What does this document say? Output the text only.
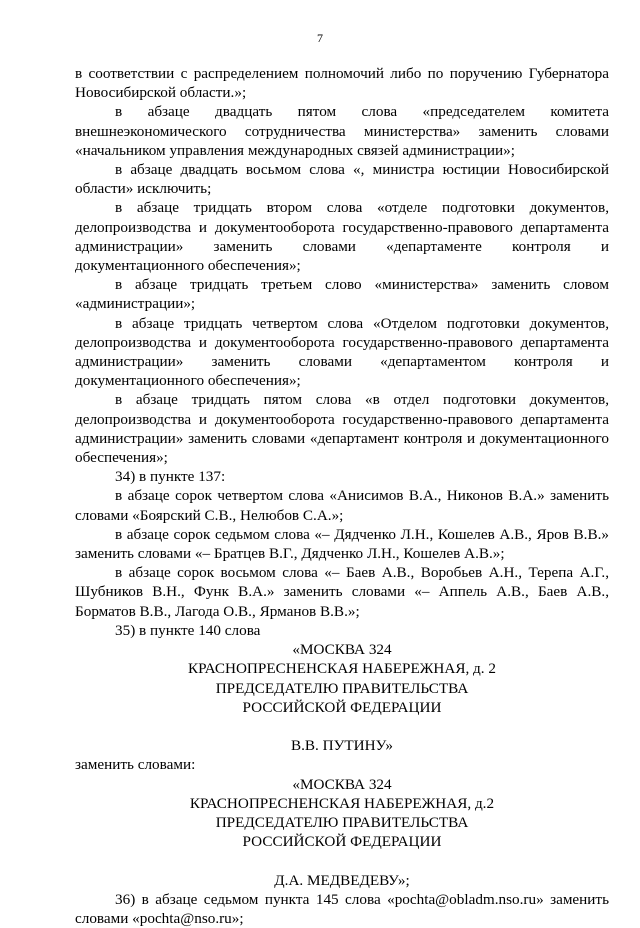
7

в соответствии с распределением полномочий либо по поручению Губернатора Новосибирской области.»;

в абзаце двадцать пятом слова «председателем комитета внешнеэкономического сотрудничества министерства» заменить словами «начальником управления международных связей администрации»;

в абзаце двадцать восьмом слова «, министра юстиции Новосибирской области» исключить;

в абзаце тридцать втором слова «отделе подготовки документов, делопроизводства и документооборота государственно-правового департамента администрации» заменить словами «департаменте контроля и документационного обеспечения»;

в абзаце тридцать третьем слово «министерства» заменить словом «администрации»;

в абзаце тридцать четвертом слова «Отделом подготовки документов, делопроизводства и документооборота государственно-правового департамента администрации» заменить словами «департаментом контроля и документационного обеспечения»;

в абзаце тридцать пятом слова «в отдел подготовки документов, делопроизводства и документооборота государственно-правового департамента администрации» заменить словами «департамент контроля и документационного обеспечения»;

34) в пункте 137:

в абзаце сорок четвертом слова «Анисимов В.А., Никонов В.А.» заменить словами «Боярский С.В., Нелюбов С.А.»;

в абзаце сорок седьмом слова «– Дядченко Л.Н., Кошелев А.В., Яров В.В.» заменить словами «– Братцев В.Г., Дядченко Л.Н., Кошелев А.В.»;

в абзаце сорок восьмом слова «– Баев А.В., Воробьев А.Н., Терепа А.Г., Шубников В.Н., Функ В.А.» заменить словами «– Аппель А.В., Баев А.В., Борматов В.В., Лагода О.В., Ярманов В.В.»;

35) в пункте 140 слова

«МОСКВА 324

КРАСНОПРЕСНЕНСКАЯ НАБЕРЕЖНАЯ, д. 2

ПРЕДСЕДАТЕЛЮ ПРАВИТЕЛЬСТВА

РОССИЙСКОЙ ФЕДЕРАЦИИ

В.В. ПУТИНУ»

заменить словами:

«МОСКВА 324

КРАСНОПРЕСНЕНСКАЯ НАБЕРЕЖНАЯ, д.2

ПРЕДСЕДАТЕЛЮ ПРАВИТЕЛЬСТВА

РОССИЙСКОЙ ФЕДЕРАЦИИ

Д.А. МЕДВЕДЕВУ»;

36) в абзаце седьмом пункта 145 слова «pochta@obladm.nso.ru» заменить словами «pochta@nso.ru»;
